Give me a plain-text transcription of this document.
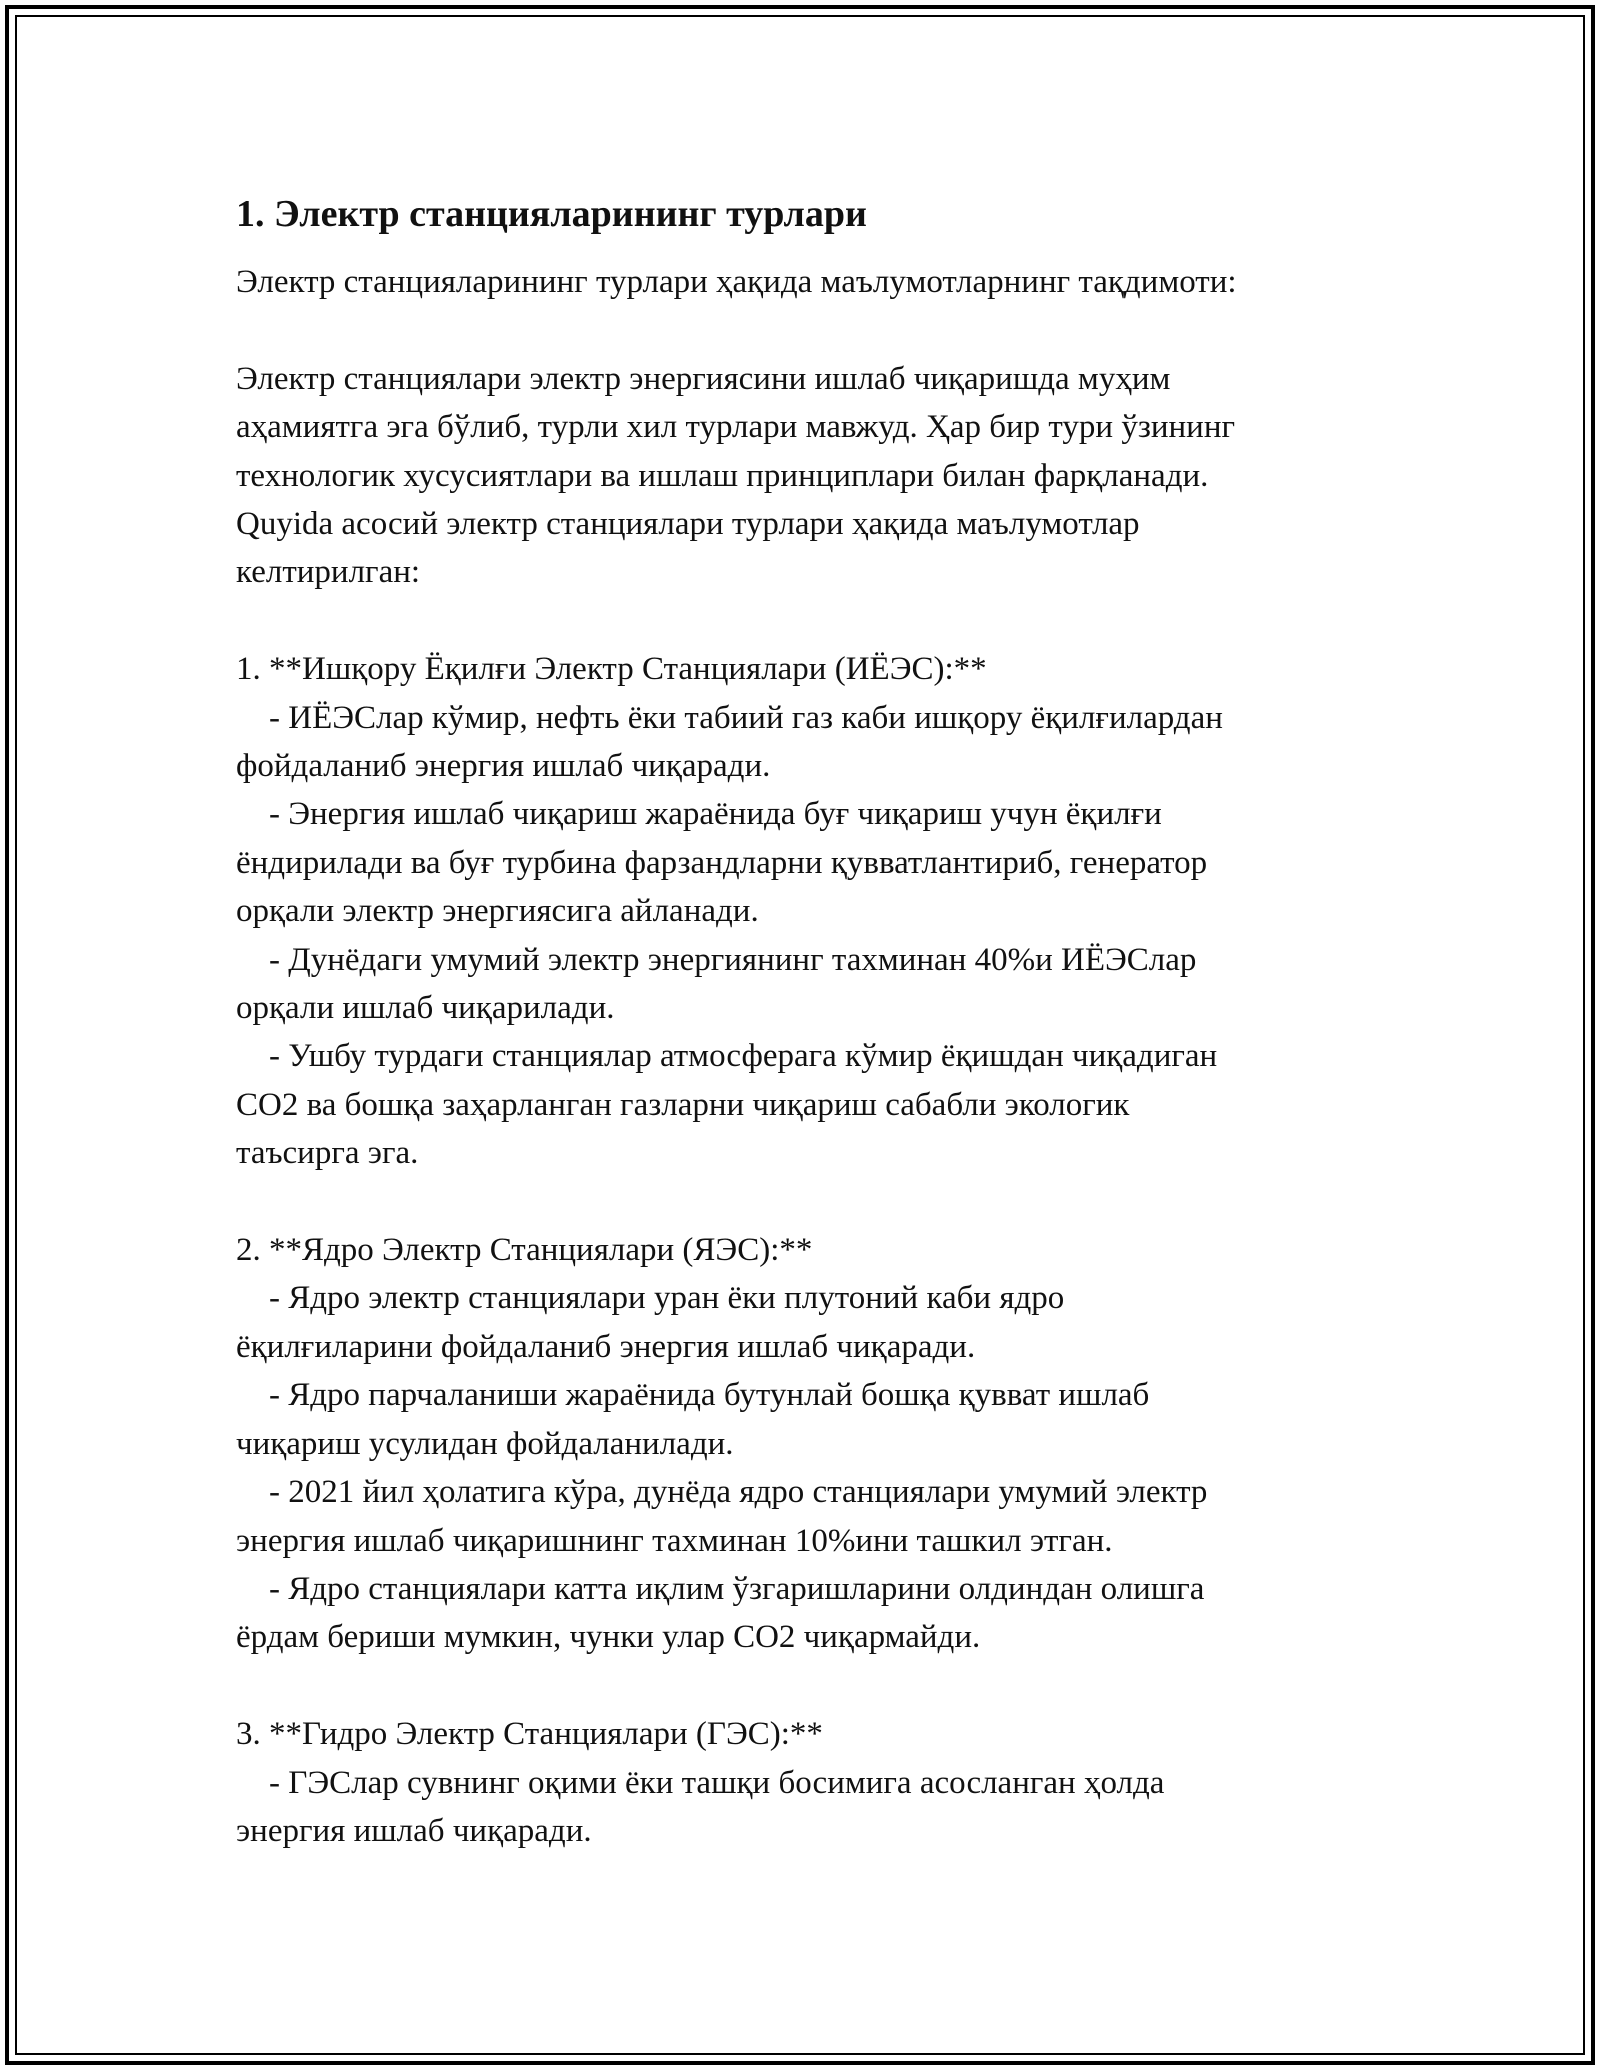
1. Электр станцияларининг турлари
Электр станцияларининг турлари ҳақида маълумотларнинг тақдимоти:
Электр станциялари электр энергиясини ишлаб чиқаришда муҳим
аҳамиятга эга бўлиб, турли хил турлари мавжуд. Ҳар бир тури ўзининг
технологик хусусиятлари ва ишлаш принциплари билан фарқланади.
Quyida асосий электр станциялари турлари ҳақида маълумотлар
келтирилган:
1. **Ишқору Ёқилғи Электр Станциялари (ИЁЭС):**
- ИЁЭСлар кўмир, нефть ёки табиий газ каби ишқору ёқилғилардан
фойдаланиб энергия ишлаб чиқаради.
- Энергия ишлаб чиқариш жараёнида буғ чиқариш учун ёқилғи
ёндирилади ва буғ турбина фарзандларни қувватлантириб, генератор
орқали электр энергиясига айланади.
- Дунёдаги умумий электр энергиянинг тахминан 40%и ИЁЭСлар
орқали ишлаб чиқарилади.
- Ушбу турдаги станциялар атмосферага кўмир ёқишдан чиқадиган
CO2 ва бошқа заҳарланган газларни чиқариш сабабли экологик
таъсирга эга.
2. **Ядро Электр Станциялари (ЯЭС):**
- Ядро электр станциялари уран ёки плутоний каби ядро
ёқилғиларини фойдаланиб энергия ишлаб чиқаради.
- Ядро парчаланиши жараёнида бутунлай бошқа қувват ишлаб
чиқариш усулидан фойдаланилади.
- 2021 йил ҳолатига кўра, дунёда ядро станциялари умумий электр
энергия ишлаб чиқаришнинг тахминан 10%ини ташкил этган.
- Ядро станциялари катта иқлим ўзгаришларини олдиндан олишга
ёрдам бериши мумкин, чунки улар CO2 чиқармайди.
3. **Гидро Электр Станциялари (ГЭС):**
- ГЭСлар сувнинг оқими ёки ташқи босимига асосланган ҳолда
энергия ишлаб чиқаради.
